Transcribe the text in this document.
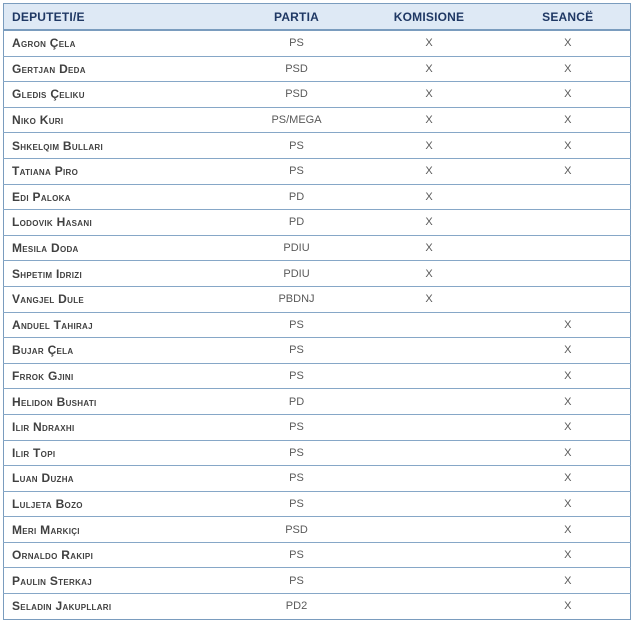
DEPUTETI/E	PARTIA	KOMISIONE	SEANCË
Agron Çela	PS	X	X
Gertjan Deda	PSD	X	X
Gledis Çeliku	PSD	X	X
Niko Kuri	PS/MEGA	X	X
Shkelqim Bullari	PS	X	X
Tatiana Piro	PS	X	X
Edi Paloka	PD	X	
Lodovik Hasani	PD	X	
Mesila Doda	PDIU	X	
Shpetim Idrizi	PDIU	X	
Vangjel Dule	PBDNJ	X	
Anduel Tahiraj	PS		X
Bujar Çela	PS		X
Frrok Gjini	PS		X
Helidon Bushati	PD		X
Ilir Ndraxhi	PS		X
Ilir Topi	PS		X
Luan Duzha	PS		X
Luljeta Bozo	PS		X
Meri Markiçi	PSD		X
Ornaldo Rakipi	PS		X
Paulin Sterkaj	PS		X
Seladin Jakupllari	PD2		X
